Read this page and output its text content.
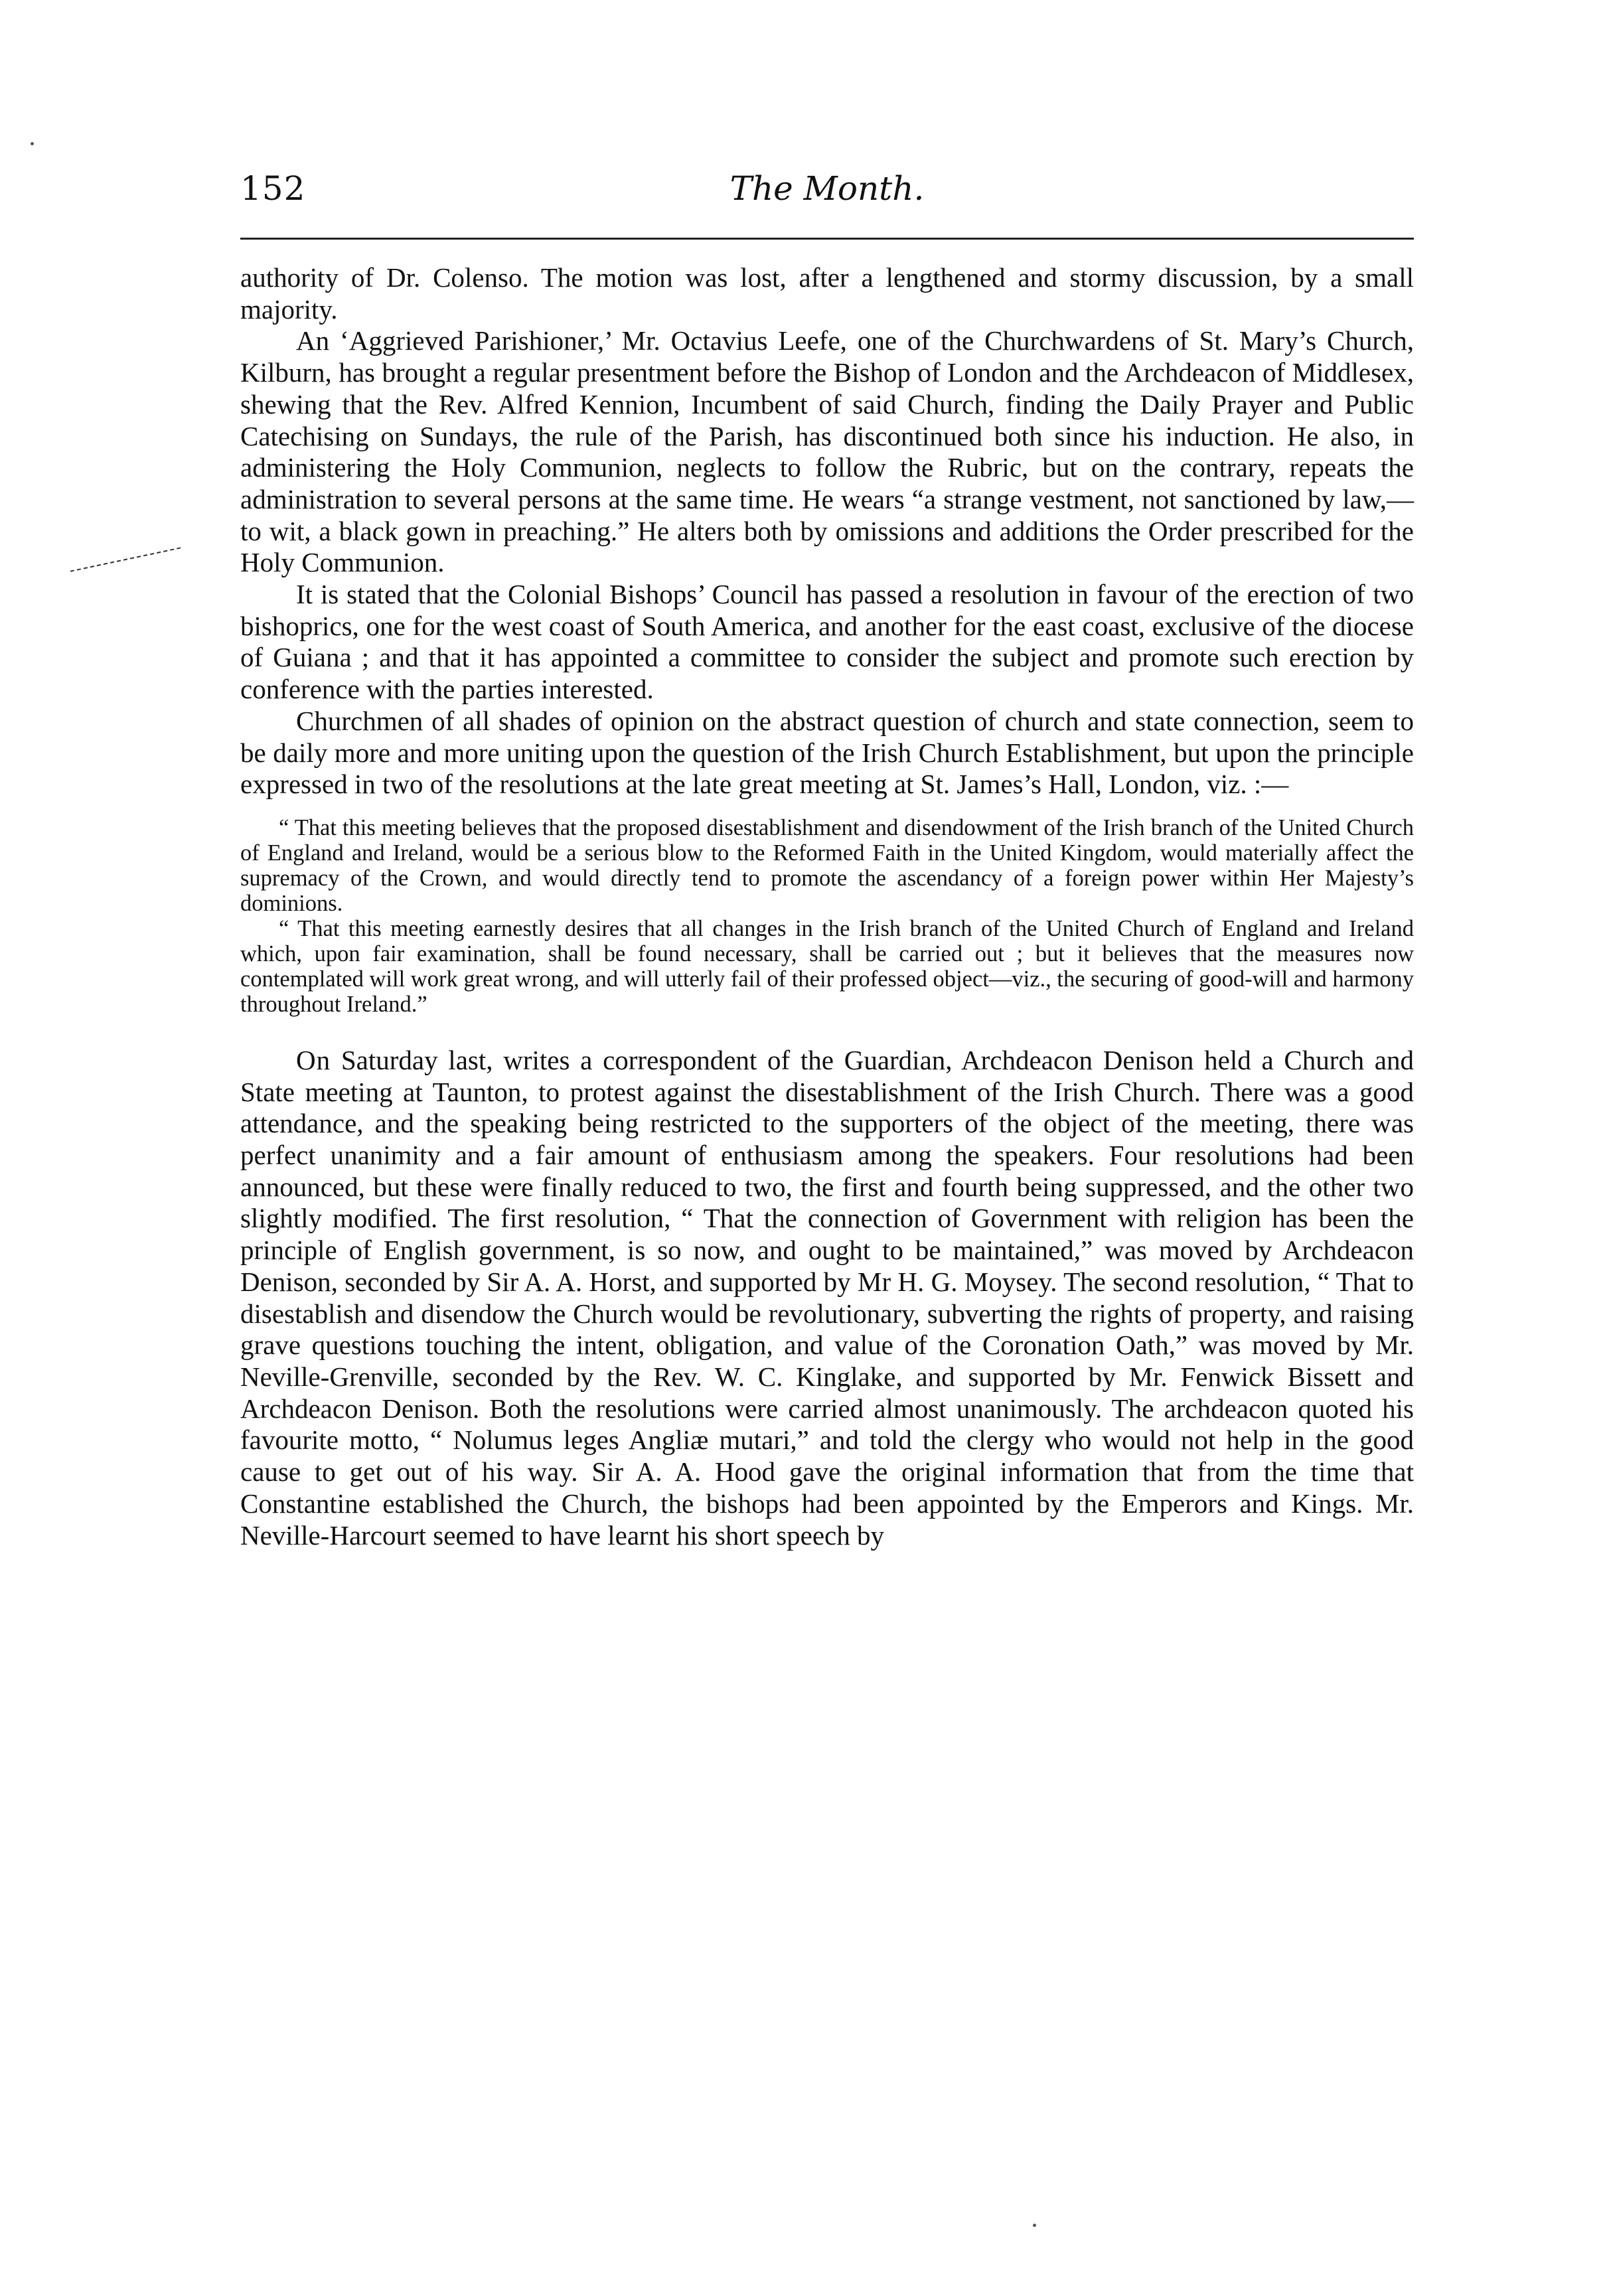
152	The Month.

authority of Dr. Colenso. The motion was lost, after a lengthened and stormy discussion, by a small majority.

An ‘Aggrieved Parishioner,’ Mr. Octavius Leefe, one of the Churchwardens of St. Mary’s Church, Kilburn, has brought a regular presentment before the Bishop of London and the Archdeacon of Middlesex, shewing that the Rev. Alfred Kennion, Incumbent of said Church, finding the Daily Prayer and Public Catechising on Sundays, the rule of the Parish, has discontinued both since his induction. He also, in administering the Holy Communion, neglects to follow the Rubric, but on the contrary, repeats the administration to several persons at the same time. He wears “a strange vestment, not sanctioned by law,—to wit, a black gown in preaching.” He alters both by omissions and additions the Order prescribed for the Holy Communion.

It is stated that the Colonial Bishops’ Council has passed a resolution in favour of the erection of two bishoprics, one for the west coast of South America, and another for the east coast, exclusive of the diocese of Guiana ; and that it has appointed a committee to consider the subject and promote such erection by conference with the parties interested.

Churchmen of all shades of opinion on the abstract question of church and state connection, seem to be daily more and more uniting upon the question of the Irish Church Establishment, but upon the principle expressed in two of the resolutions at the late great meeting at St. James’s Hall, London, viz. :—

“ That this meeting believes that the proposed disestablishment and disendowment of the Irish branch of the United Church of England and Ireland, would be a serious blow to the Reformed Faith in the United Kingdom, would materially affect the supremacy of the Crown, and would directly tend to promote the ascendancy of a foreign power within Her Majesty’s dominions.

“ That this meeting earnestly desires that all changes in the Irish branch of the United Church of England and Ireland which, upon fair examination, shall be found necessary, shall be carried out ; but it believes that the measures now contemplated will work great wrong, and will utterly fail of their professed object—viz., the securing of good-will and harmony throughout Ireland.”

On Saturday last, writes a correspondent of the Guardian, Archdeacon Denison held a Church and State meeting at Taunton, to protest against the disestablishment of the Irish Church. There was a good attendance, and the speaking being restricted to the supporters of the object of the meeting, there was perfect unanimity and a fair amount of enthusiasm among the speakers. Four resolutions had been announced, but these were finally reduced to two, the first and fourth being suppressed, and the other two slightly modified. The first resolution, “ That the connection of Government with religion has been the principle of English government, is so now, and ought to be maintained,” was moved by Archdeacon Denison, seconded by Sir A. A. Horst, and supported by Mr H. G. Moysey. The second resolution, “ That to disestablish and disendow the Church would be revolutionary, subverting the rights of property, and raising grave questions touching the intent, obligation, and value of the Coronation Oath,” was moved by Mr. Neville-Grenville, seconded by the Rev. W. C. Kinglake, and supported by Mr. Fenwick Bissett and Archdeacon Denison. Both the resolutions were carried almost unanimously. The archdeacon quoted his favourite motto, “ Nolumus leges Angliæ mutari,” and told the clergy who would not help in the good cause to get out of his way. Sir A. A. Hood gave the original information that from the time that Constantine established the Church, the bishops had been appointed by the Emperors and Kings. Mr. Neville-Harcourt seemed to have learnt his short speech by
